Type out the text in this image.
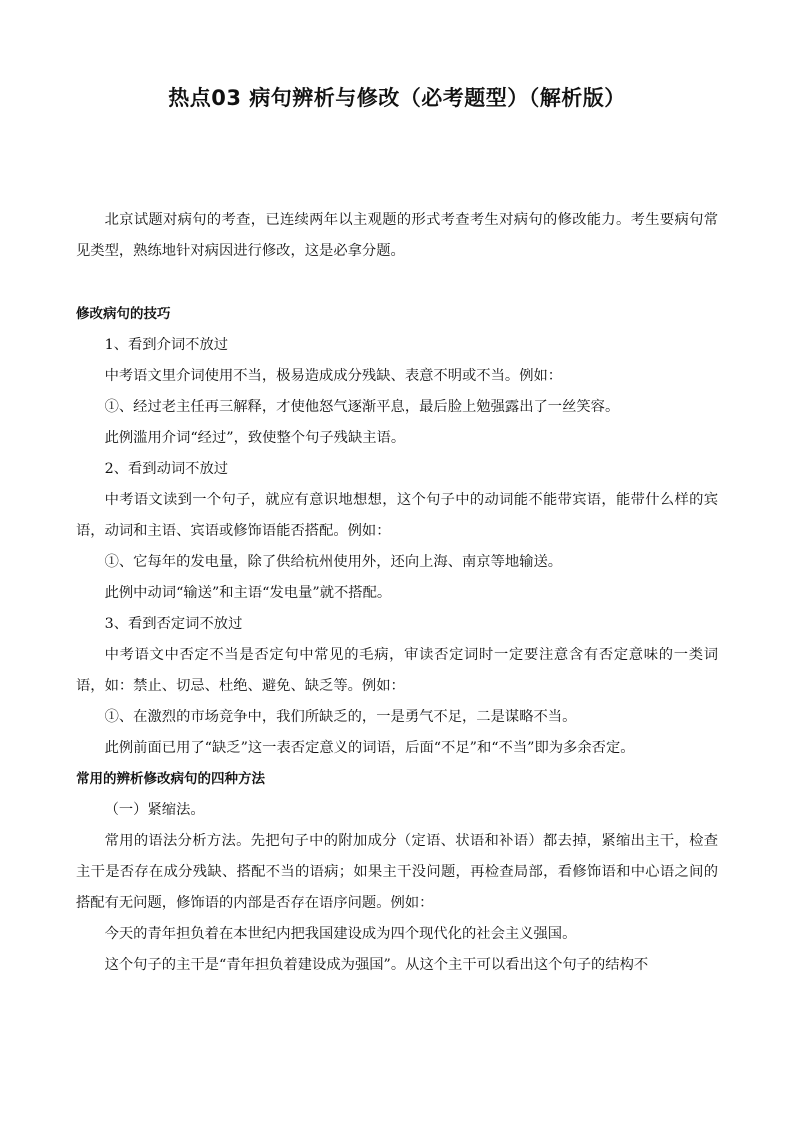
热点03 病句辨析与修改（必考题型）（解析版）

北京试题对病句的考查，已连续两年以主观题的形式考查考生对病句的修改能力。考生要病句常见类型，熟练地针对病因进行修改，这是必拿分题。

修改病句的技巧

1、看到介词不放过

中考语文里介词使用不当，极易造成成分残缺、表意不明或不当。例如：

①、经过老主任再三解释，才使他怒气逐渐平息，最后脸上勉强露出了一丝笑容。

此例滥用介词“经过”，致使整个句子残缺主语。

2、看到动词不放过

中考语文读到一个句子，就应有意识地想想，这个句子中的动词能不能带宾语，能带什么样的宾语，动词和主语、宾语或修饰语能否搭配。例如：

①、它每年的发电量，除了供给杭州使用外，还向上海、南京等地输送。

此例中动词“输送”和主语“发电量”就不搭配。

3、看到否定词不放过

中考语文中否定不当是否定句中常见的毛病，审读否定词时一定要注意含有否定意味的一类词语，如：禁止、切忌、杜绝、避免、缺乏等。例如：

①、在激烈的市场竞争中，我们所缺乏的，一是勇气不足，二是谋略不当。

此例前面已用了“缺乏”这一表否定意义的词语，后面“不足”和“不当”即为多余否定。

常用的辨析修改病句的四种方法

（一）紧缩法。

常用的语法分析方法。先把句子中的附加成分（定语、状语和补语）都去掉，紧缩出主干，检查主干是否存在成分残缺、搭配不当的语病；如果主干没问题，再检查局部，看修饰语和中心语之间的搭配有无问题，修饰语的内部是否存在语序问题。例如：

今天的青年担负着在本世纪内把我国建设成为四个现代化的社会主义强国。

这个句子的主干是“青年担负着建设成为强国”。从这个主干可以看出这个句子的结构不
